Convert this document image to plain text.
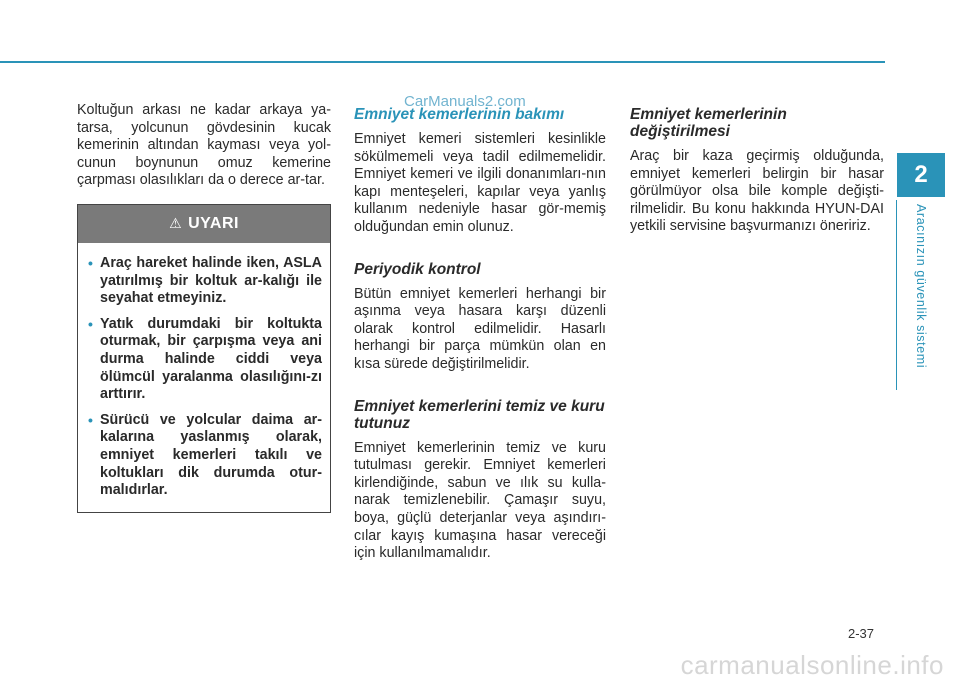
Koltuğun arkası ne kadar arkaya ya-tarsa, yolcunun gövdesinin kucak kemerinin altından kayması veya yol-cunun boynunun omuz kemerine çarpması olasılıkları da o derece ar-tar.

⚠ UYARI
• Araç hareket halinde iken, ASLA yatırılmış bir koltuk ar-kalığı ile seyahat etmeyiniz.
• Yatık durumdaki bir koltukta oturmak, bir çarpışma veya ani durma halinde ciddi veya ölümcül yaralanma olasılığını-zı arttırır.
• Sürücü ve yolcular daima ar-kalarına yaslanmış olarak, emniyet kemerleri takılı ve koltukları dik durumda otur-malıdırlar.
Emniyet kemerlerinin bakımı

Emniyet kemeri sistemleri kesinlikle sökülmemeli veya tadil edilmemelidir. Emniyet kemeri ve ilgili donanımları-nın kapı menteşeleri, kapılar veya yanlış kullanım nedeniyle hasar gör-memiş olduğundan emin olunuz.

Periyodik kontrol

Bütün emniyet kemerleri herhangi bir aşınma veya hasara karşı düzenli olarak kontrol edilmelidir. Hasarlı herhangi bir parça mümkün olan en kısa sürede değiştirilmelidir.

Emniyet kemerlerini temiz ve kuru tutunuz

Emniyet kemerlerinin temiz ve kuru tutulması gerekir. Emniyet kemerleri kirlendiğinde, sabun ve ılık su kulla-narak temizlenebilir. Çamaşır suyu, boya, güçlü deterjanlar veya aşındırı-cılar kayış kumaşına hasar vereceği için kullanılmamalıdır.

Emniyet kemerlerinin değiştirilmesi

Araç bir kaza geçirmiş olduğunda, emniyet kemerleri belirgin bir hasar görülmüyor olsa bile komple değişti-rilmelidir. Bu konu hakkında HYUN-DAI yetkili servisine başvurmanızı öneririz.

CarManuals2.com
2
Aracınızın güvenlik sistemi
2-37
carmanualsonline.info
